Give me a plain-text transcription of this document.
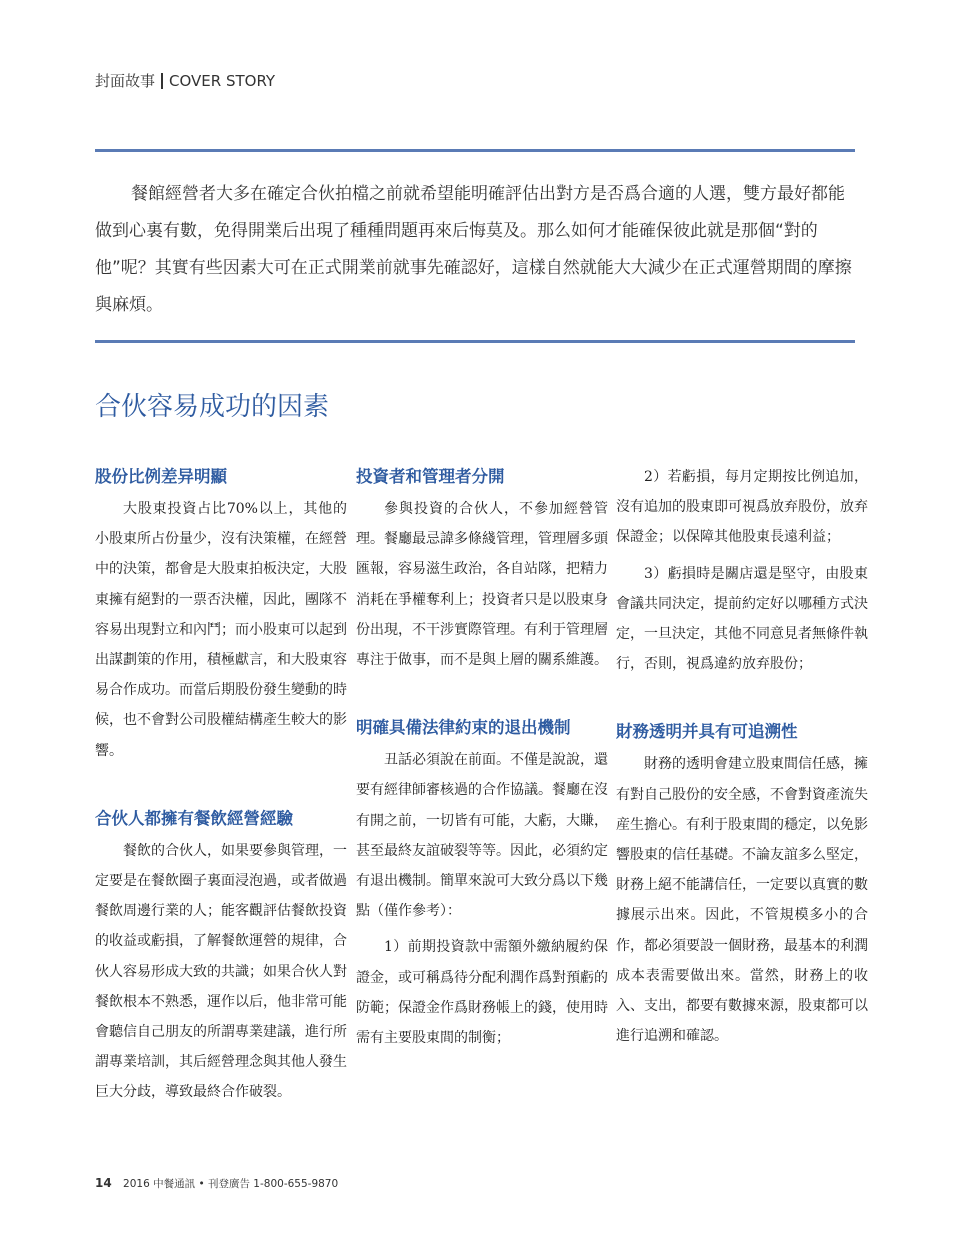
封面故事 COVER STORY
餐館經營者大多在確定合伙拍檔之前就希望能明確評估出對方是否爲合適的人選，雙方最好都能做到心裏有數，免得開業后出現了種種問題再來后悔莫及。那么如何才能確保彼此就是那個“對的他”呢？其實有些因素大可在正式開業前就事先確認好，這樣自然就能大大減少在正式運營期間的摩擦與麻煩。
合伙容易成功的因素
股份比例差异明顯

大股東投資占比70%以上，其他的小股東所占份量少，沒有決策權，在經營中的決策，都會是大股東拍板決定，大股東擁有絕對的一票否決權，因此，團隊不容易出現對立和內鬥；而小股東可以起到出謀劃策的作用，積極獻言，和大股東容易合作成功。而當后期股份發生變動的時候，也不會對公司股權結構產生較大的影響。

合伙人都擁有餐飲經營經驗

餐飲的合伙人，如果要參與管理，一定要是在餐飲圈子裏面浸泡過，或者做過餐飲周邊行業的人；能客觀評估餐飲投資的收益或虧損，了解餐飲運營的規律，合伙人容易形成大致的共識；如果合伙人對餐飲根本不熟悉，運作以后，他非常可能會聽信自己朋友的所謂專業建議，進行所謂專業培訓，其后經營理念與其他人發生巨大分歧，導致最終合作破裂。

投資者和管理者分開

參與投資的合伙人，不參加經營管理。餐廳最忌諱多條綫管理，管理層多頭匯報，容易滋生政治，各自站隊，把精力消耗在爭權奪利上；投資者只是以股東身份出現，不干涉實際管理。有利于管理層專注于做事，而不是與上層的關系維護。

明確具備法律約束的退出機制

丑話必須說在前面。不僅是說說，還要有經律師審核過的合作協議。餐廳在沒有開之前，一切皆有可能，大虧，大賺，甚至最終友誼破裂等等。因此，必須約定有退出機制。簡單來說可大致分爲以下幾點（僅作參考）：

1）前期投資款中需額外繳納履約保證金，或可稱爲待分配利潤作爲對預虧的防範；保證金作爲財務帳上的錢，使用時需有主要股東間的制衡；

2）若虧損，每月定期按比例追加，沒有追加的股東即可視爲放弃股份，放弃保證金；以保障其他股東長遠利益；

3）虧損時是關店還是堅守，由股東會議共同決定，提前約定好以哪種方式決定，一旦決定，其他不同意見者無條件執行，否則，視爲違約放弃股份；

財務透明并具有可追溯性

財務的透明會建立股東間信任感，擁有對自己股份的安全感，不會對資產流失産生擔心。有利于股東間的穩定，以免影響股東的信任基礎。不論友誼多么堅定，財務上絕不能講信任，一定要以真實的數據展示出來。因此，不管規模多小的合作，都必須要設一個財務，最基本的利潤成本表需要做出來。當然，財務上的收入、支出，都要有數據來源，股東都可以進行追溯和確認。

14 2016 中餐通訊 • 刊登廣告 1-800-655-9870
